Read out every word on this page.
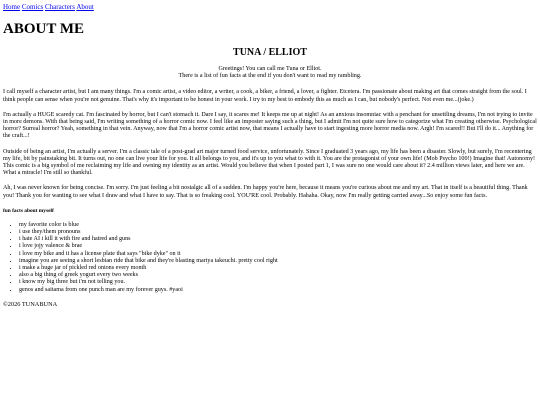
Home Comics Characters About
ABOUT ME
TUNA / ELLIOT
Greetings! You can call me Tuna or Elliot.
There is a list of fun facts at the end if you don't want to read my rambling.

I call myself a character artist, but I am many things. I'm a comic artist, a video editor, a writer, a cook, a biker, a friend, a lover, a fighter. Etcetera. I'm passionate about making art that comes straight from the soul. I think people can sense when you're not genuine. That's why it's important to be honest in your work. I try to my best to embody this as much as I can, but nobody's perfect. Not even me...(joke.)

I'm actually a HUGE scaredy cat. I'm fascinated by horror, but I can't stomach it. Dare I say, it scares me! It keeps me up at night! As an anxious insomniac with a penchant for unsettling dreams, I'm not trying to invite in more demons. With that being said, I'm writing something of a horror comic now. I feel like an imposter saying such a thing, but I admit I'm not quite sure how to categorize what I'm creating otherwise. Psychological horror? Surreal horror? Yeah, something in that vein. Anyway, now that I'm a horror comic artist now, that means I actually have to start ingesting more horror media now. Argh! I'm scared!! But I'll do it... Anything for the craft...!

Outside of being an artist, I'm actually a server. I'm a classic tale of a post-grad art major turned food service, unfortunately. Since I graduated 3 years ago, my life has been a disaster. Slowly, but surely, I'm recentering my life, bit by painstaking bit. It turns out, no one can live your life for you. It all belongs to you, and it's up to you what to with it. You are the protagonist of your own life! (Mob Psycho 100!) Imagine that! Autonomy! This comic is a big symbol of me reclaiming my life and owning my identity as an artist. Would you believe that when I posted part 1, I was sure no one would care about it? 2.4 million views later, and here we are. What a miracle! I'm still so thankful.

Ah, I was never known for being concise. I'm sorry. I'm just feeling a bit nostalgic all of a sudden. I'm happy you're here, because it means you're curious about me and my art. That in itself is a beautiful thing. Thank you! Thank you for wanting to see what I draw and what I have to say. That is so freaking cool. YOU'RE cool. Probably. Hahaha. Okay, now I'm really getting carried away...So enjoy some fun facts.

fun facts about myself
• my favorite color is blue
• i use they/them pronouns
• i hate AI i kill it with fire and hatred and guns
• i love jojy valence & brae
• i love my bike and it has a license plate that says "bike dyke" on it
• imagine you are seeing a short lesbian ride that bike and they're blasting mariya takeuchi. pretty cool right
• i make a huge jar of pickled red onions every month
• also a big thing of greek yogurt every two weeks
• i know my big three but i'm not telling you.
• genos and saitama from one punch man are my forever guys. #yaoi
©2026 TUNABUNA
